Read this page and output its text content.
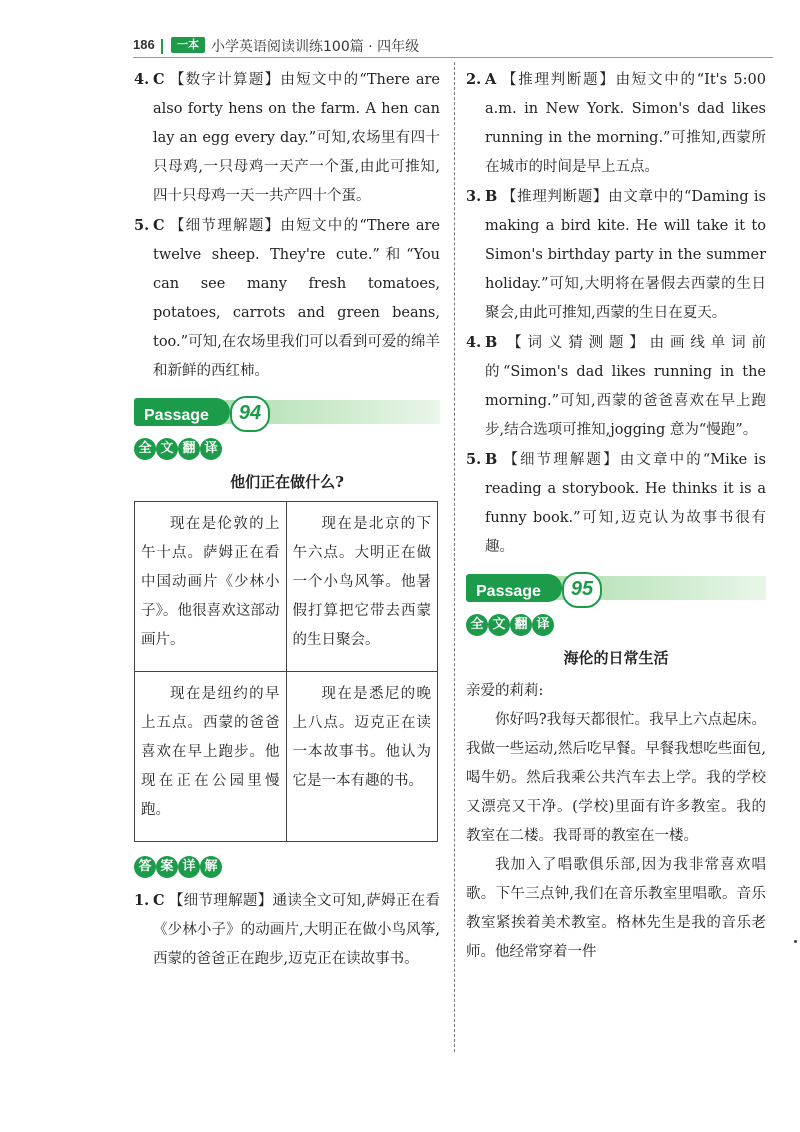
186	一本 小学英语阅读训练100篇 · 四年级

4. C 【数字计算题】由短文中的“There are also forty hens on the farm. A hen can lay an egg every day.”可知,农场里有四十只母鸡,一只母鸡一天产一个蛋,由此可推知,四十只母鸡一天一共产四十个蛋。

5. C 【细节理解题】由短文中的“There are twelve sheep. They're cute.”和“You can see many fresh tomatoes, potatoes, carrots and green beans, too.”可知,在农场里我们可以看到可爱的绵羊和新鲜的西红柿。

Passage	94
全 文 翻 译

他们正在做什么?

现在是伦敦的上午十点。萨姆正在看中国动画片《少林小子》。他很喜欢这部动画片。	现在是北京的下午六点。大明正在做一个小鸟风筝。他暑假打算把它带去西蒙的生日聚会。
现在是纽约的早上五点。西蒙的爸爸喜欢在早上跑步。他现在正在公园里慢跑。	现在是悉尼的晚上八点。迈克正在读一本故事书。他认为它是一本有趣的书。
答 案 详 解

1. C 【细节理解题】通读全文可知,萨姆正在看《少林小子》的动画片,大明正在做小鸟风筝,西蒙的爸爸正在跑步,迈克正在读故事书。

2. A 【推理判断题】由短文中的“It's 5:00 a.m. in New York. Simon's dad likes running in the morning.”可推知,西蒙所在城市的时间是早上五点。

3. B 【推理判断题】由文章中的“Daming is making a bird kite. He will take it to Simon's birthday party in the summer holiday.”可知,大明将在暑假去西蒙的生日聚会,由此可推知,西蒙的生日在夏天。

4. B 【词义猜测题】由画线单词前的“Simon's dad likes running in the morning.”可知,西蒙的爸爸喜欢在早上跑步,结合选项可推知,jogging 意为“慢跑”。

5. B 【细节理解题】由文章中的“Mike is reading a storybook. He thinks it is a funny book.”可知,迈克认为故事书很有趣。

Passage	95
全 文 翻 译

海伦的日常生活

亲爱的莉莉:

你好吗?我每天都很忙。我早上六点起床。我做一些运动,然后吃早餐。早餐我想吃些面包,喝牛奶。然后我乘公共汽车去上学。我的学校又漂亮又干净。(学校)里面有许多教室。我的教室在二楼。我哥哥的教室在一楼。

我加入了唱歌俱乐部,因为我非常喜欢唱歌。下午三点钟,我们在音乐教室里唱歌。音乐教室紧挨着美术教室。格林先生是我的音乐老师。他经常穿着一件
